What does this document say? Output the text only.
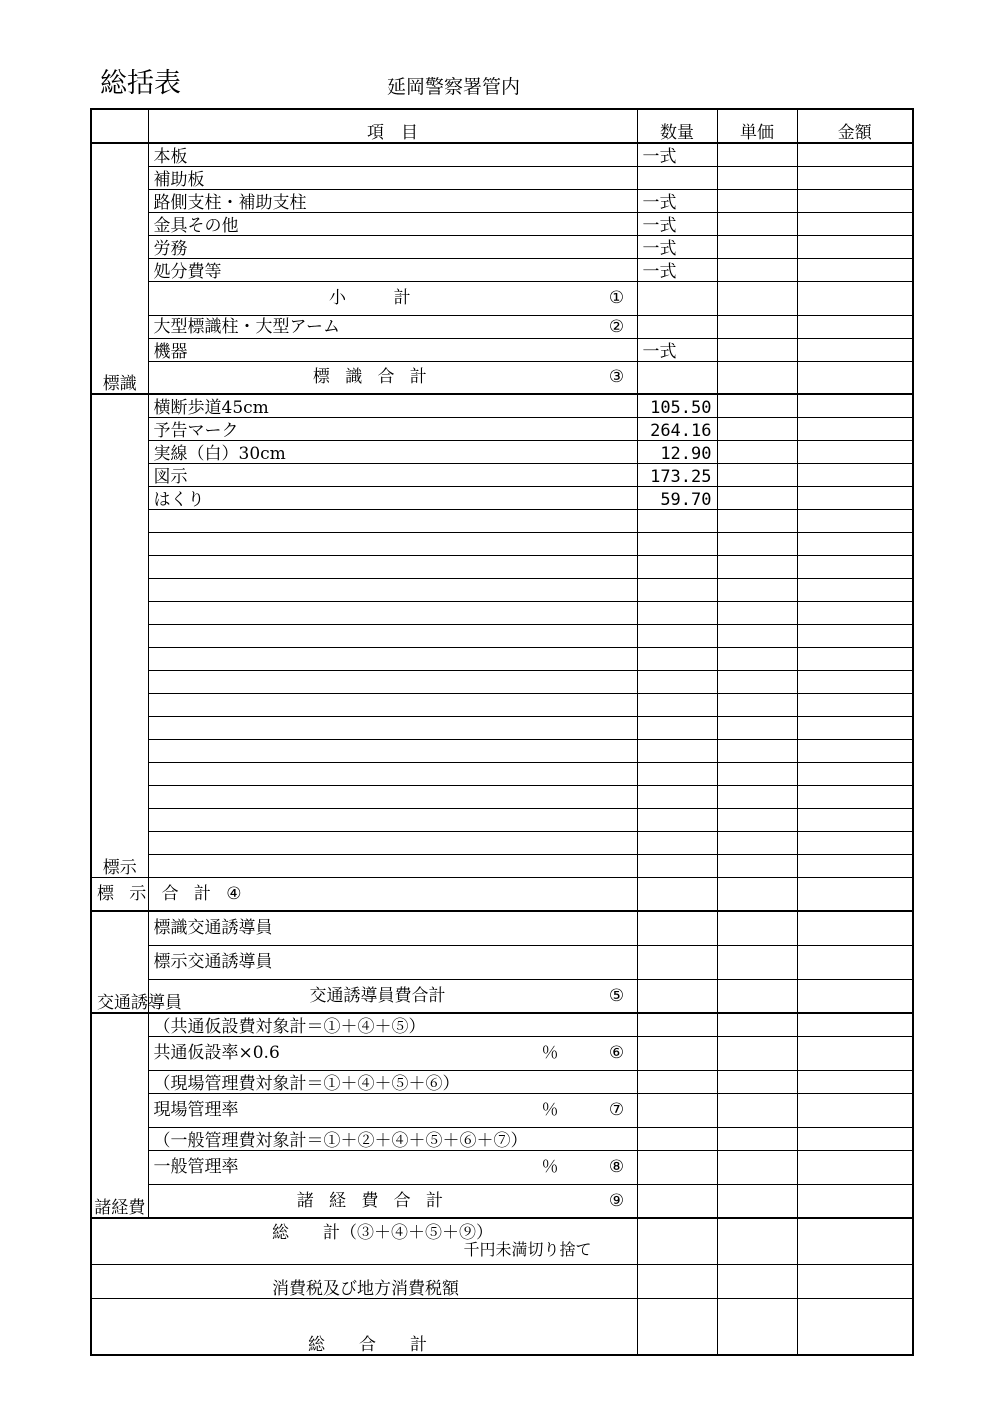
総括表	延岡警察署管内
	項　目	数量	単価	金額
標識	本板	一式		
	補助板			
	路側支柱・補助支柱	一式		
	金具その他	一式		
	労務	一式		
	処分費等	一式		

	小　計 ①			

	大型標識柱・大型アーム ②			

	機器	一式		

	標識合計 ③			

標示	横断歩道45cm	105.50		
	予告マーク	264.16		
	実線（白）30cm	12.90		
	図示	173.25		
	はくり	59.70		

標示合計 ④				

交通誘導員	標識交通誘導員			
	標示交通誘導員			

	交通誘導員費合計 ⑤			

諸経費	（共通仮設費対象計＝①＋④＋⑤）			

	共通仮設率×0.6 ％ ⑥			

	（現場管理費対象計＝①＋④＋⑤＋⑥）			

	現場管理率 ％ ⑦			

	（一般管理費対象計＝①＋②＋④＋⑤＋⑥＋⑦）			

	一般管理率 ％ ⑧			

	諸経費合計 ⑨			

総　　計（③＋④＋⑤＋⑨）
千円未満切り捨て				

消費税及び地方消費税額				
総　　合　　計				
